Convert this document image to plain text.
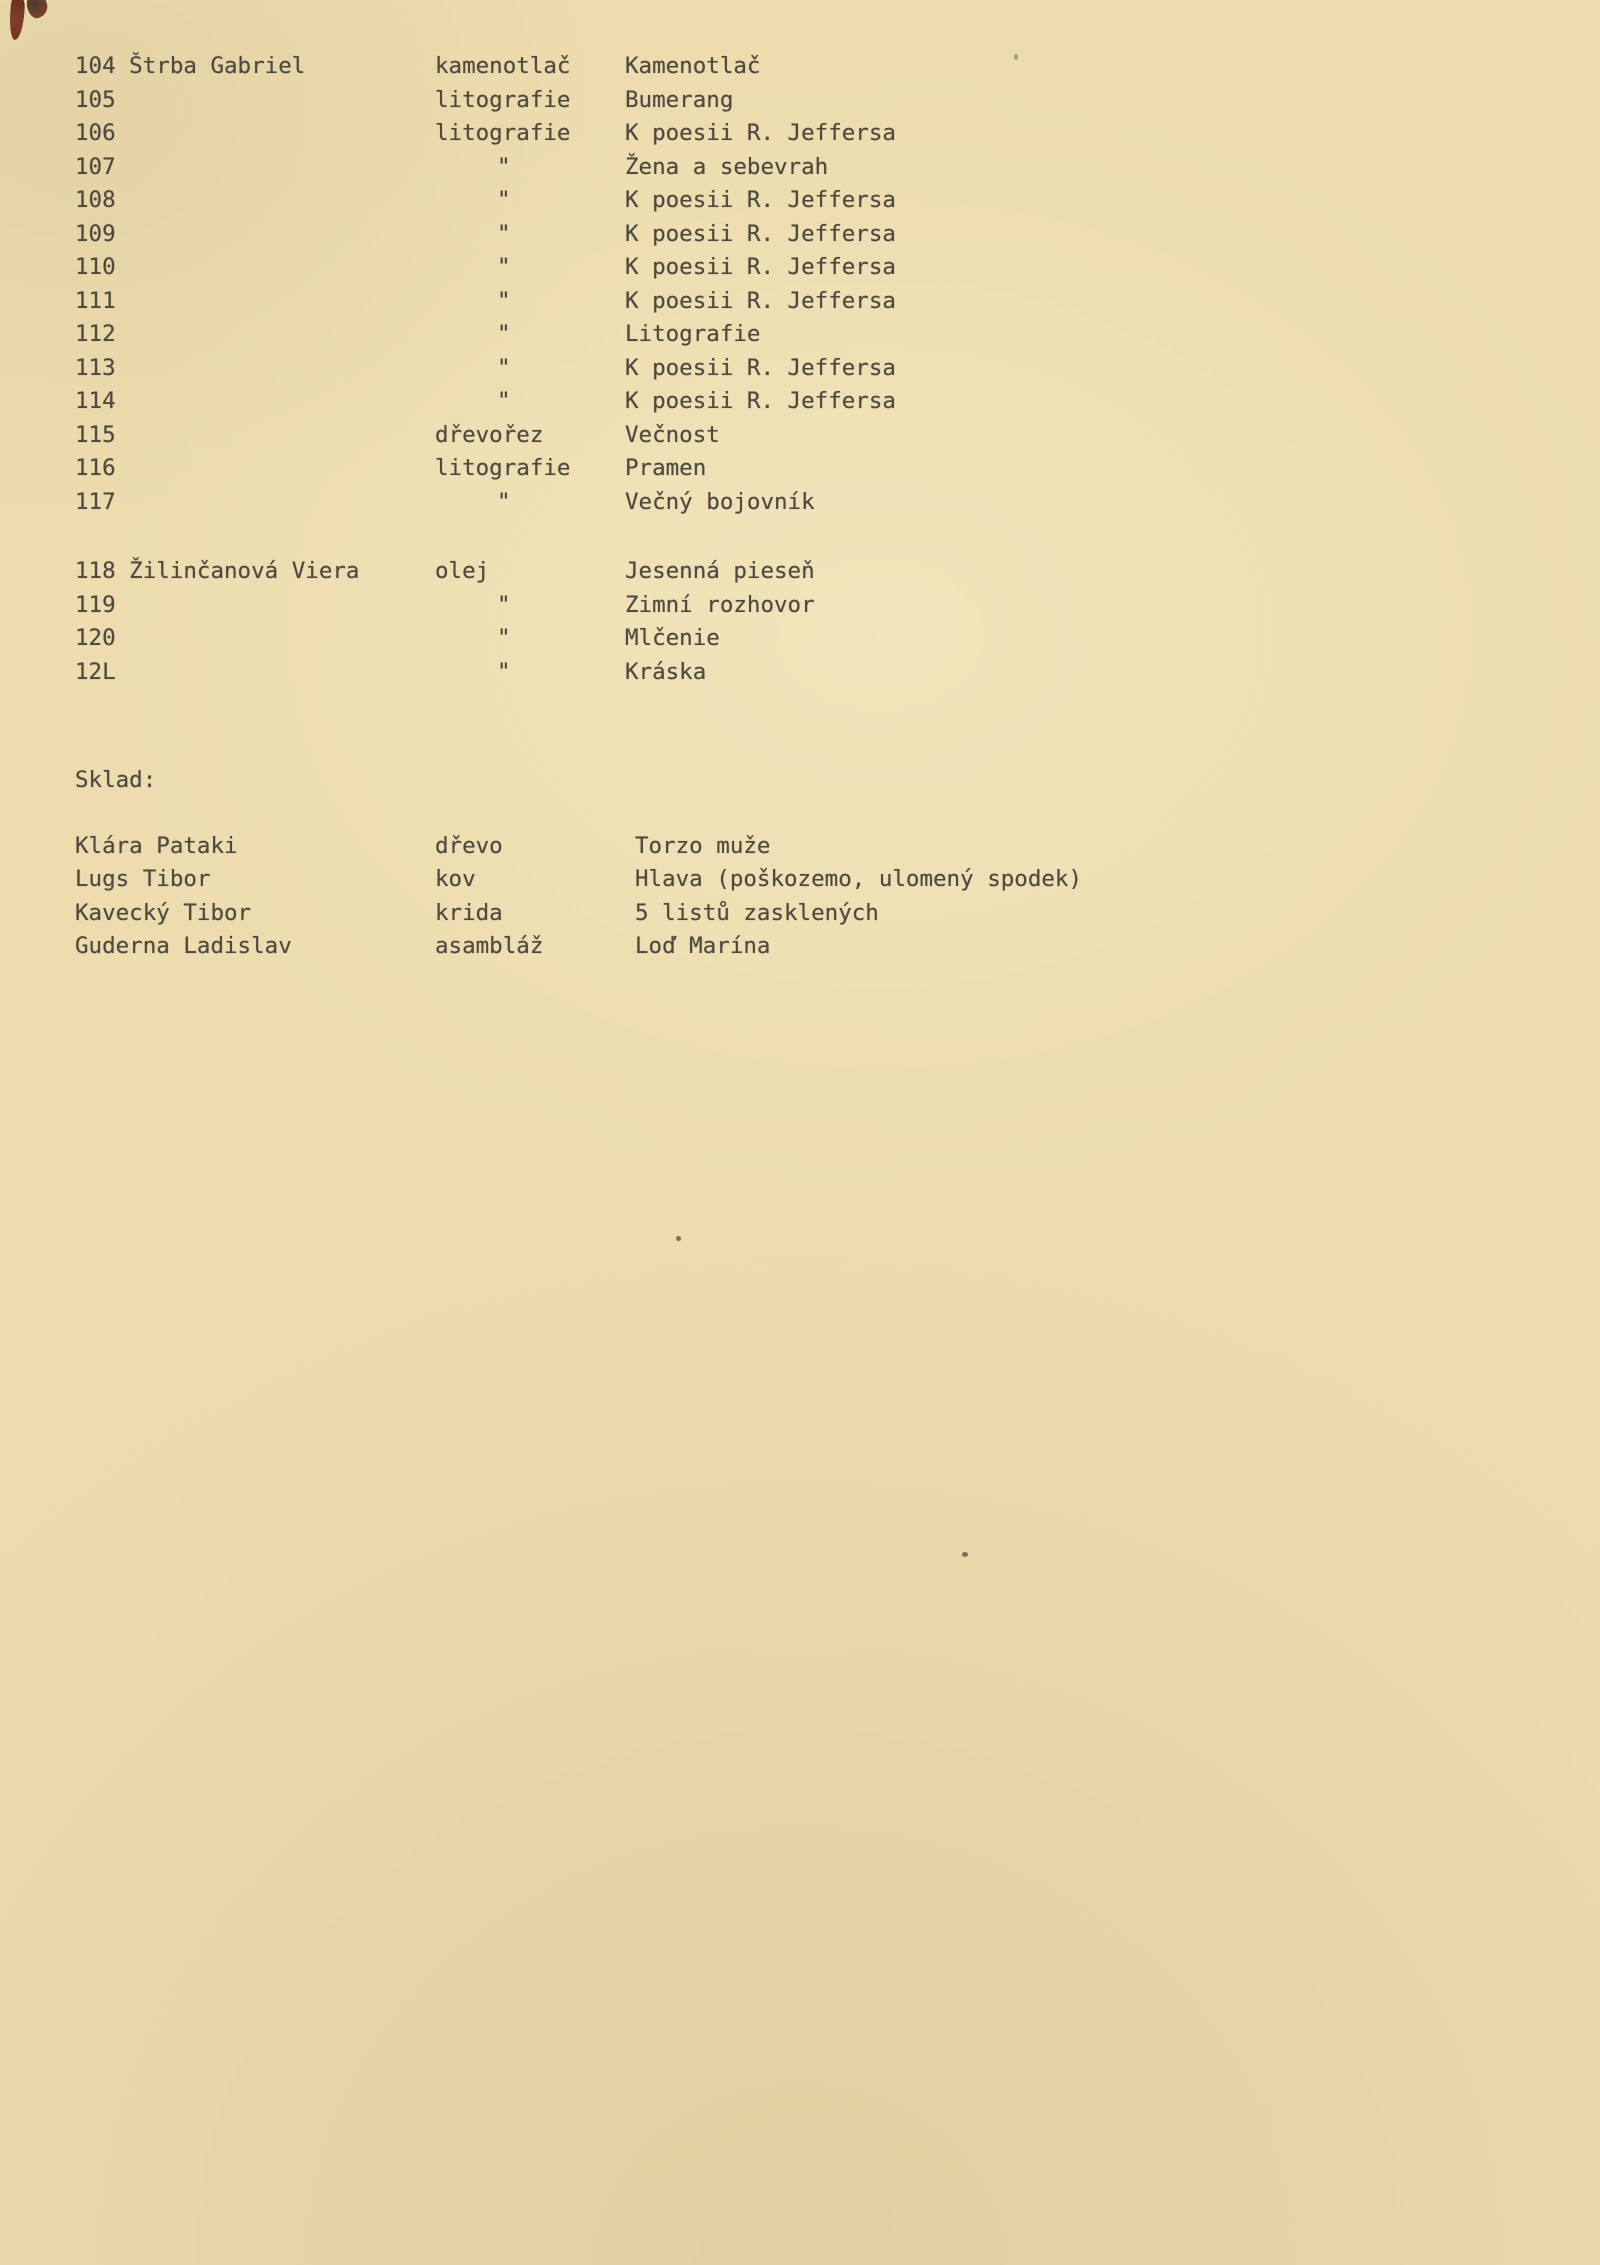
104 Štrba Gabriel	kamenotlač	Kamenotlač
105	litografie	Bumerang
106	litografie	K poesii R. Jeffersa
107	"	Žena a sebevrah
108	"	K poesii R. Jeffersa
109	"	K poesii R. Jeffersa
110	"	K poesii R. Jeffersa
111	"	K poesii R. Jeffersa
112	"	Litografie
113	"	K poesii R. Jeffersa
114	"	K poesii R. Jeffersa
115	dřevořez	Večnost
116	litografie	Pramen
117	"	Večný bojovník
118 Žilinčanová Viera	olej	Jesenná pieseň
119	"	Zimní rozhovor
120	"	Mlčenie
12L	"	Kráska
Sklad:
Klára Pataki	dřevo	Torzo muže
Lugs Tibor	kov	Hlava (poškozemo, ulomený spodek)
Kavecký Tibor	krida	5 listů zasklených
Guderna Ladislav	asambláž	Loď Marína
